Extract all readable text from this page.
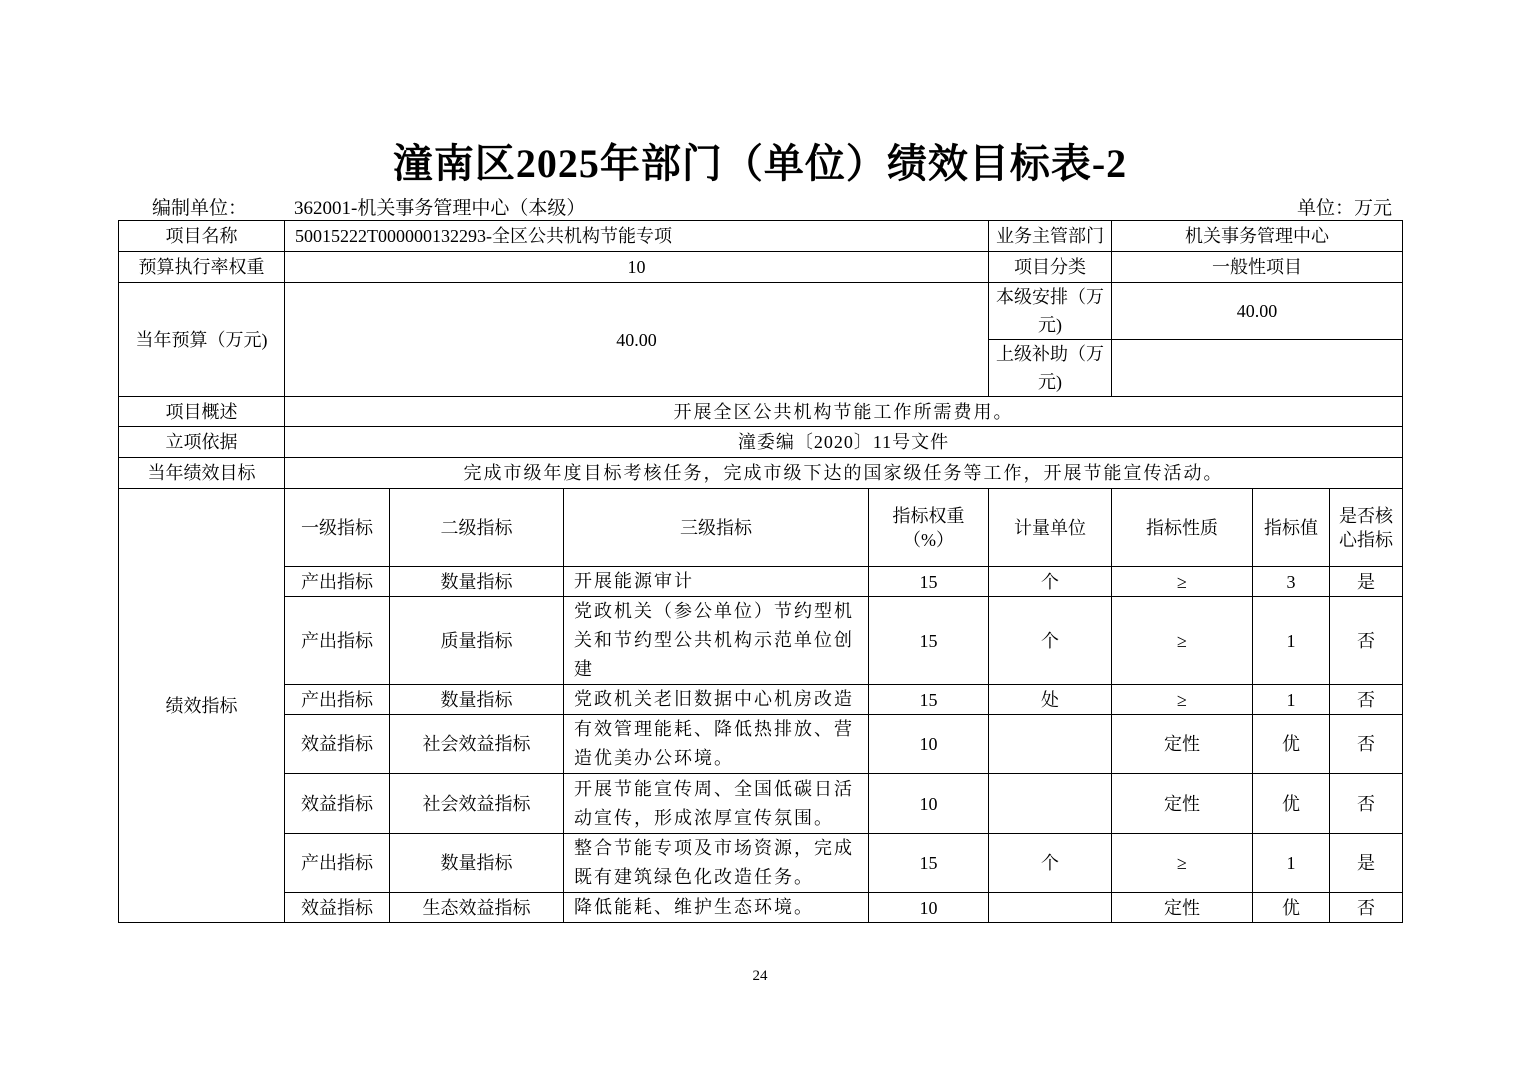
潼南区2025年部门（单位）绩效目标表-2
编制单位： 362001-机关事务管理中心（本级）	单位：万元
项目名称	50015222T000000132293-全区公共机构节能专项				业务主管部门	机关事务管理中心		
预算执行率权重	10				项目分类	一般性项目		
当年预算（万元)	40.00				本级安排（万元)	40.00		
					上级补助（万元)			
项目概述	开展全区公共机构节能工作所需费用。							
立项依据	潼委编〔2020〕11号文件							
当年绩效目标	完成市级年度目标考核任务，完成市级下达的国家级任务等工作，开展节能宣传活动。							
绩效指标	一级指标	二级指标	三级指标	指标权重（%）	计量单位	指标性质	指标值	是否核心指标
	产出指标	数量指标	开展能源审计	15	个	≥	3	是
	产出指标	质量指标	党政机关（参公单位）节约型机关和节约型公共机构示范单位创建	15	个	≥	1	否
	产出指标	数量指标	党政机关老旧数据中心机房改造	15	处	≥	1	否
	效益指标	社会效益指标	有效管理能耗、降低热排放、营造优美办公环境。	10		定性	优	否
	效益指标	社会效益指标	开展节能宣传周、全国低碳日活动宣传，形成浓厚宣传氛围。	10		定性	优	否
	产出指标	数量指标	整合节能专项及市场资源，完成既有建筑绿色化改造任务。	15	个	≥	1	是
	效益指标	生态效益指标	降低能耗、维护生态环境。	10		定性	优	否
24
